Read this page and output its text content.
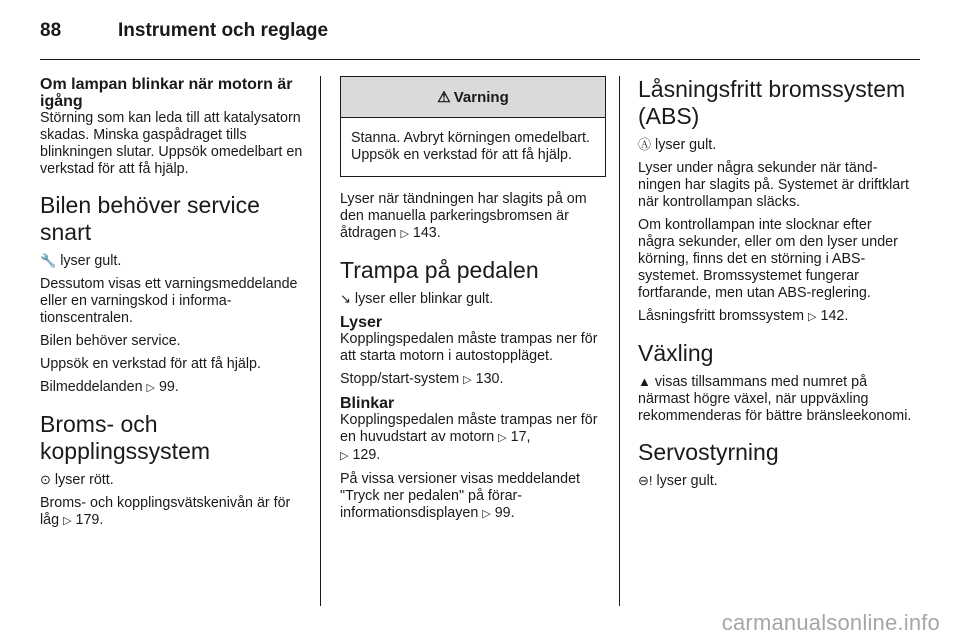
88	Instrument och reglage
Om lampan blinkar när motorn är igång

Störning som kan leda till att katalysatorn skadas. Minska gaspådraget tills blinkningen slutar. Uppsök omedelbart en verkstad för att få hjälp.

Bilen behöver service snart

🔧 lyser gult.

Dessutom visas ett varningsmeddelande eller en varningskod i informationscentralen.

Bilen behöver service.

Uppsök en verkstad för att få hjälp.

Bilmeddelanden ▷ 99.

Broms- och kopplingssystem

⊙ lyser rött.

Broms- och kopplingsvätskenivån är för låg ▷ 179.

⚠ Varning

Stanna. Avbryt körningen omedelbart. Uppsök en verkstad för att få hjälp.

Lyser när tändningen har slagits på om den manuella parkeringsbromsen är åtdragen ▷ 143.

Trampa på pedalen

↘ lyser eller blinkar gult.

Lyser

Kopplingspedalen måste trampas ner för att starta motorn i autostoppläget.

Stopp/start-system ▷ 130.

Blinkar

Kopplingspedalen måste trampas ner för en huvudstart av motorn ▷ 17,
▷ 129.

På vissa versioner visas meddelandet "Tryck ner pedalen" på förarinformationsdisplayen ▷ 99.

Låsningsfritt bromssystem (ABS)

Ⓐ lyser gult.

Lyser under några sekunder när tändningen har slagits på. Systemet är driftklart när kontrollampan släcks.

Om kontrollampan inte slocknar efter några sekunder, eller om den lyser under körning, finns det en störning i ABS-systemet. Bromssystemet fungerar fortfarande, men utan ABS-reglering.

Låsningsfritt bromssystem ▷ 142.

Växling

▲ visas tillsammans med numret på närmast högre växel, när uppväxling rekommenderas för bättre bränsleekonomi.

Servostyrning

⊖! lyser gult.

carmanualsonline.info
